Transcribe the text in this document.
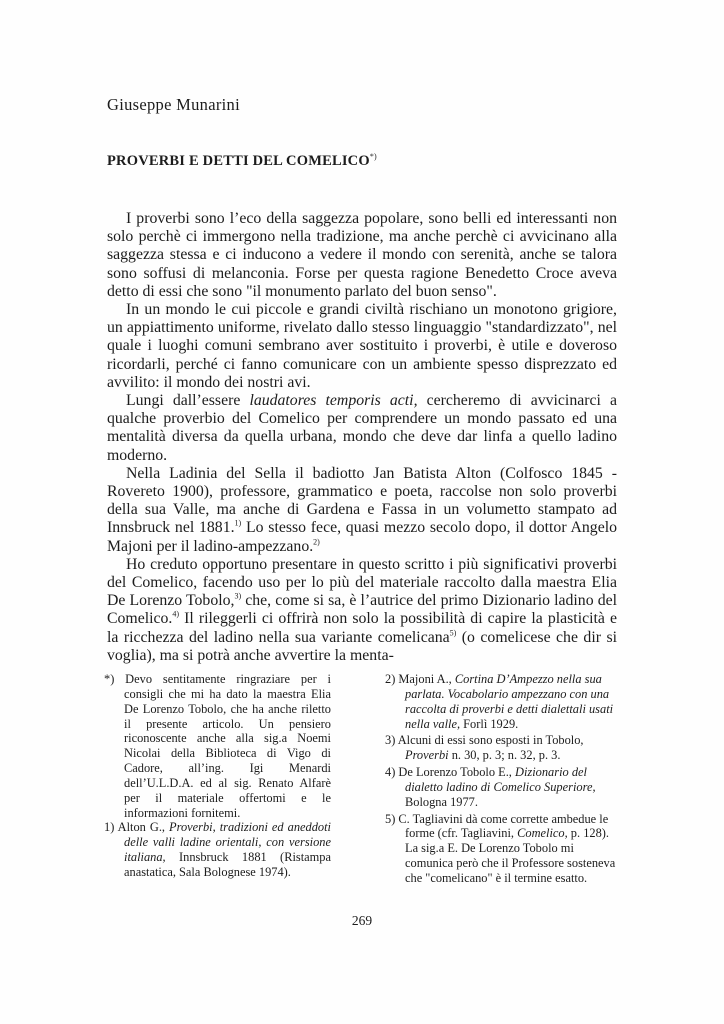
Giuseppe Munarini
PROVERBI E DETTI DEL COMELICO*)

I proverbi sono l’eco della saggezza popolare, sono belli ed interessanti non solo perchè ci immergono nella tradizione, ma anche perchè ci avvicinano alla saggezza stessa e ci inducono a vedere il mondo con serenità, anche se talora sono soffusi di melanconia. Forse per questa ragione Benedetto Croce aveva detto di essi che sono "il monumento parlato del buon senso".

In un mondo le cui piccole e grandi civiltà rischiano un monotono grigiore, un appiattimento uniforme, rivelato dallo stesso linguaggio "standardizzato", nel quale i luoghi comuni sembrano aver sostituito i proverbi, è utile e doveroso ricordarli, perché ci fanno comunicare con un ambiente spesso disprezzato ed avvilito: il mondo dei nostri avi.

Lungi dall’essere laudatores temporis acti, cercheremo di avvicinarci a qualche proverbio del Comelico per comprendere un mondo passato ed una mentalità diversa da quella urbana, mondo che deve dar linfa a quello ladino moderno.

Nella Ladinia del Sella il badiotto Jan Batista Alton (Colfosco 1845 - Rovereto 1900), professore, grammatico e poeta, raccolse non solo proverbi della sua Valle, ma anche di Gardena e Fassa in un volumetto stampato ad Innsbruck nel 1881.$^{1)}$ Lo stesso fece, quasi mezzo secolo dopo, il dottor Angelo Majoni per il ladino-ampezzano.$^{2)}$

Ho creduto opportuno presentare in questo scritto i più significativi proverbi del Comelico, facendo uso per lo più del materiale raccolto dalla maestra Elia De Lorenzo Tobolo,$^{3)}$ che, come si sa, è l’autrice del primo Dizionario ladino del Comelico.$^{4)}$ Il rileggerli ci offrirà non solo la possibilità di capire la plasticità e la ricchezza del ladino nella sua variante comelicana$^{5)}$ (o comelicese che dir si voglia), ma si potrà anche avvertire la menta-

*) Devo sentitamente ringraziare per i consigli che mi ha dato la maestra Elia De Lorenzo Tobolo, che ha anche riletto il presente articolo. Un pensiero riconoscente anche alla sig.a Noemi Nicolai della Biblioteca di Vigo di Cadore, all’ing. Igi Menardi dell’U.L.D.A. ed al sig. Renato Alfarè per il materiale offertomi e le informazioni fornitemi.
1) Alton G., Proverbi, tradizioni ed aneddoti delle valli ladine orientali, con versione italiana, Innsbruck 1881 (Ristampa anastatica, Sala Bolognese 1974).
2) Majoni A., Cortina D’Ampezzo nella sua parlata. Vocabolario ampezzano con una raccolta di proverbi e detti dialettali usati nella valle, Forlì 1929.
3) Alcuni di essi sono esposti in Tobolo, Proverbi n. 30, p. 3; n. 32, p. 3.
4) De Lorenzo Tobolo E., Dizionario del dialetto ladino di Comelico Superiore, Bologna 1977.
5) C. Tagliavini dà come corrette ambedue le forme (cfr. Tagliavini, Comelico, p. 128). La sig.a E. De Lorenzo Tobolo mi comunica però che il Professore sosteneva che "comelicano" è il termine esatto.
269
